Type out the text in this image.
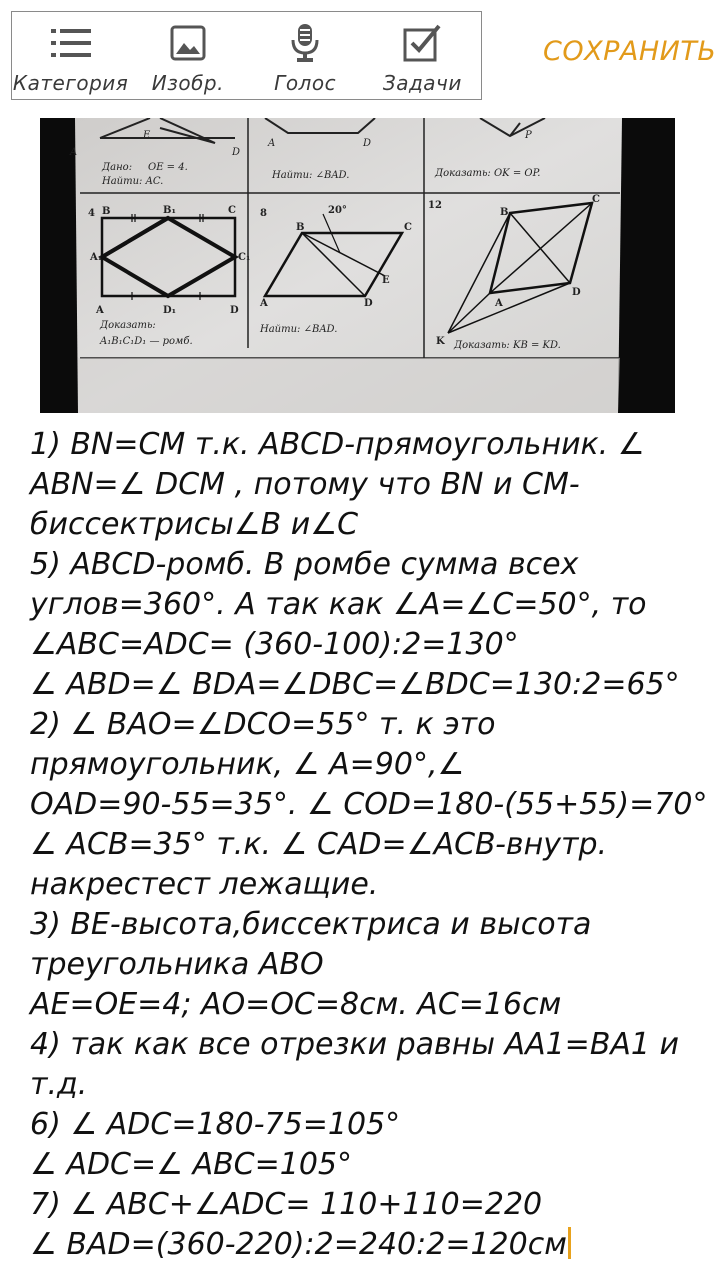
Категория Изобр.	Голос Задачи
СОХРАНИТЬ
E
A	D
A	D
P
Дано: OE = 4.
Найти: AC.
Найти: ∠BAD.	Доказать: OK = OP.
4 B	B₁	C
A₁	C₁
A	D₁	D
Доказать:
A₁B₁C₁D₁ — ромб.
8	20°
B	C
E
A	D
Найти: ∠BAD.
12
B
C
D
A
K Доказать: KB = KD.
1) BN=CM т.к. ABCD-прямоугольник. ∠
ABN=∠ DCM , потому что BN и CM-
биссектрисы∠B и∠C
5) ABCD-ромб. В ромбе сумма всех
углов=360°. А так как ∠A=∠C=50°, то
∠ABC=ADC= (360-100):2=130°
∠ ABD=∠ BDA=∠DBC=∠BDC=130:2=65°
2) ∠ BAO=∠DCO=55° т. к это
прямоугольник, ∠ A=90°,∠
OAD=90-55=35°. ∠ COD=180-(55+55)=70°
∠ ACB=35° т.к. ∠ CAD=∠ACB-внутр.
накрестест лежащие.
3) BE-высота,биссектриса и высота
треугольника ABO
AE=OE=4; AO=OC=8см. AC=16см
4) так как все отрезки равны AA1=BA1 и
т.д.
6) ∠ ADC=180-75=105°
∠ ADC=∠ ABC=105°
7) ∠ ABC+∠ADC= 110+110=220
∠ BAD=(360-220):2=240:2=120см
